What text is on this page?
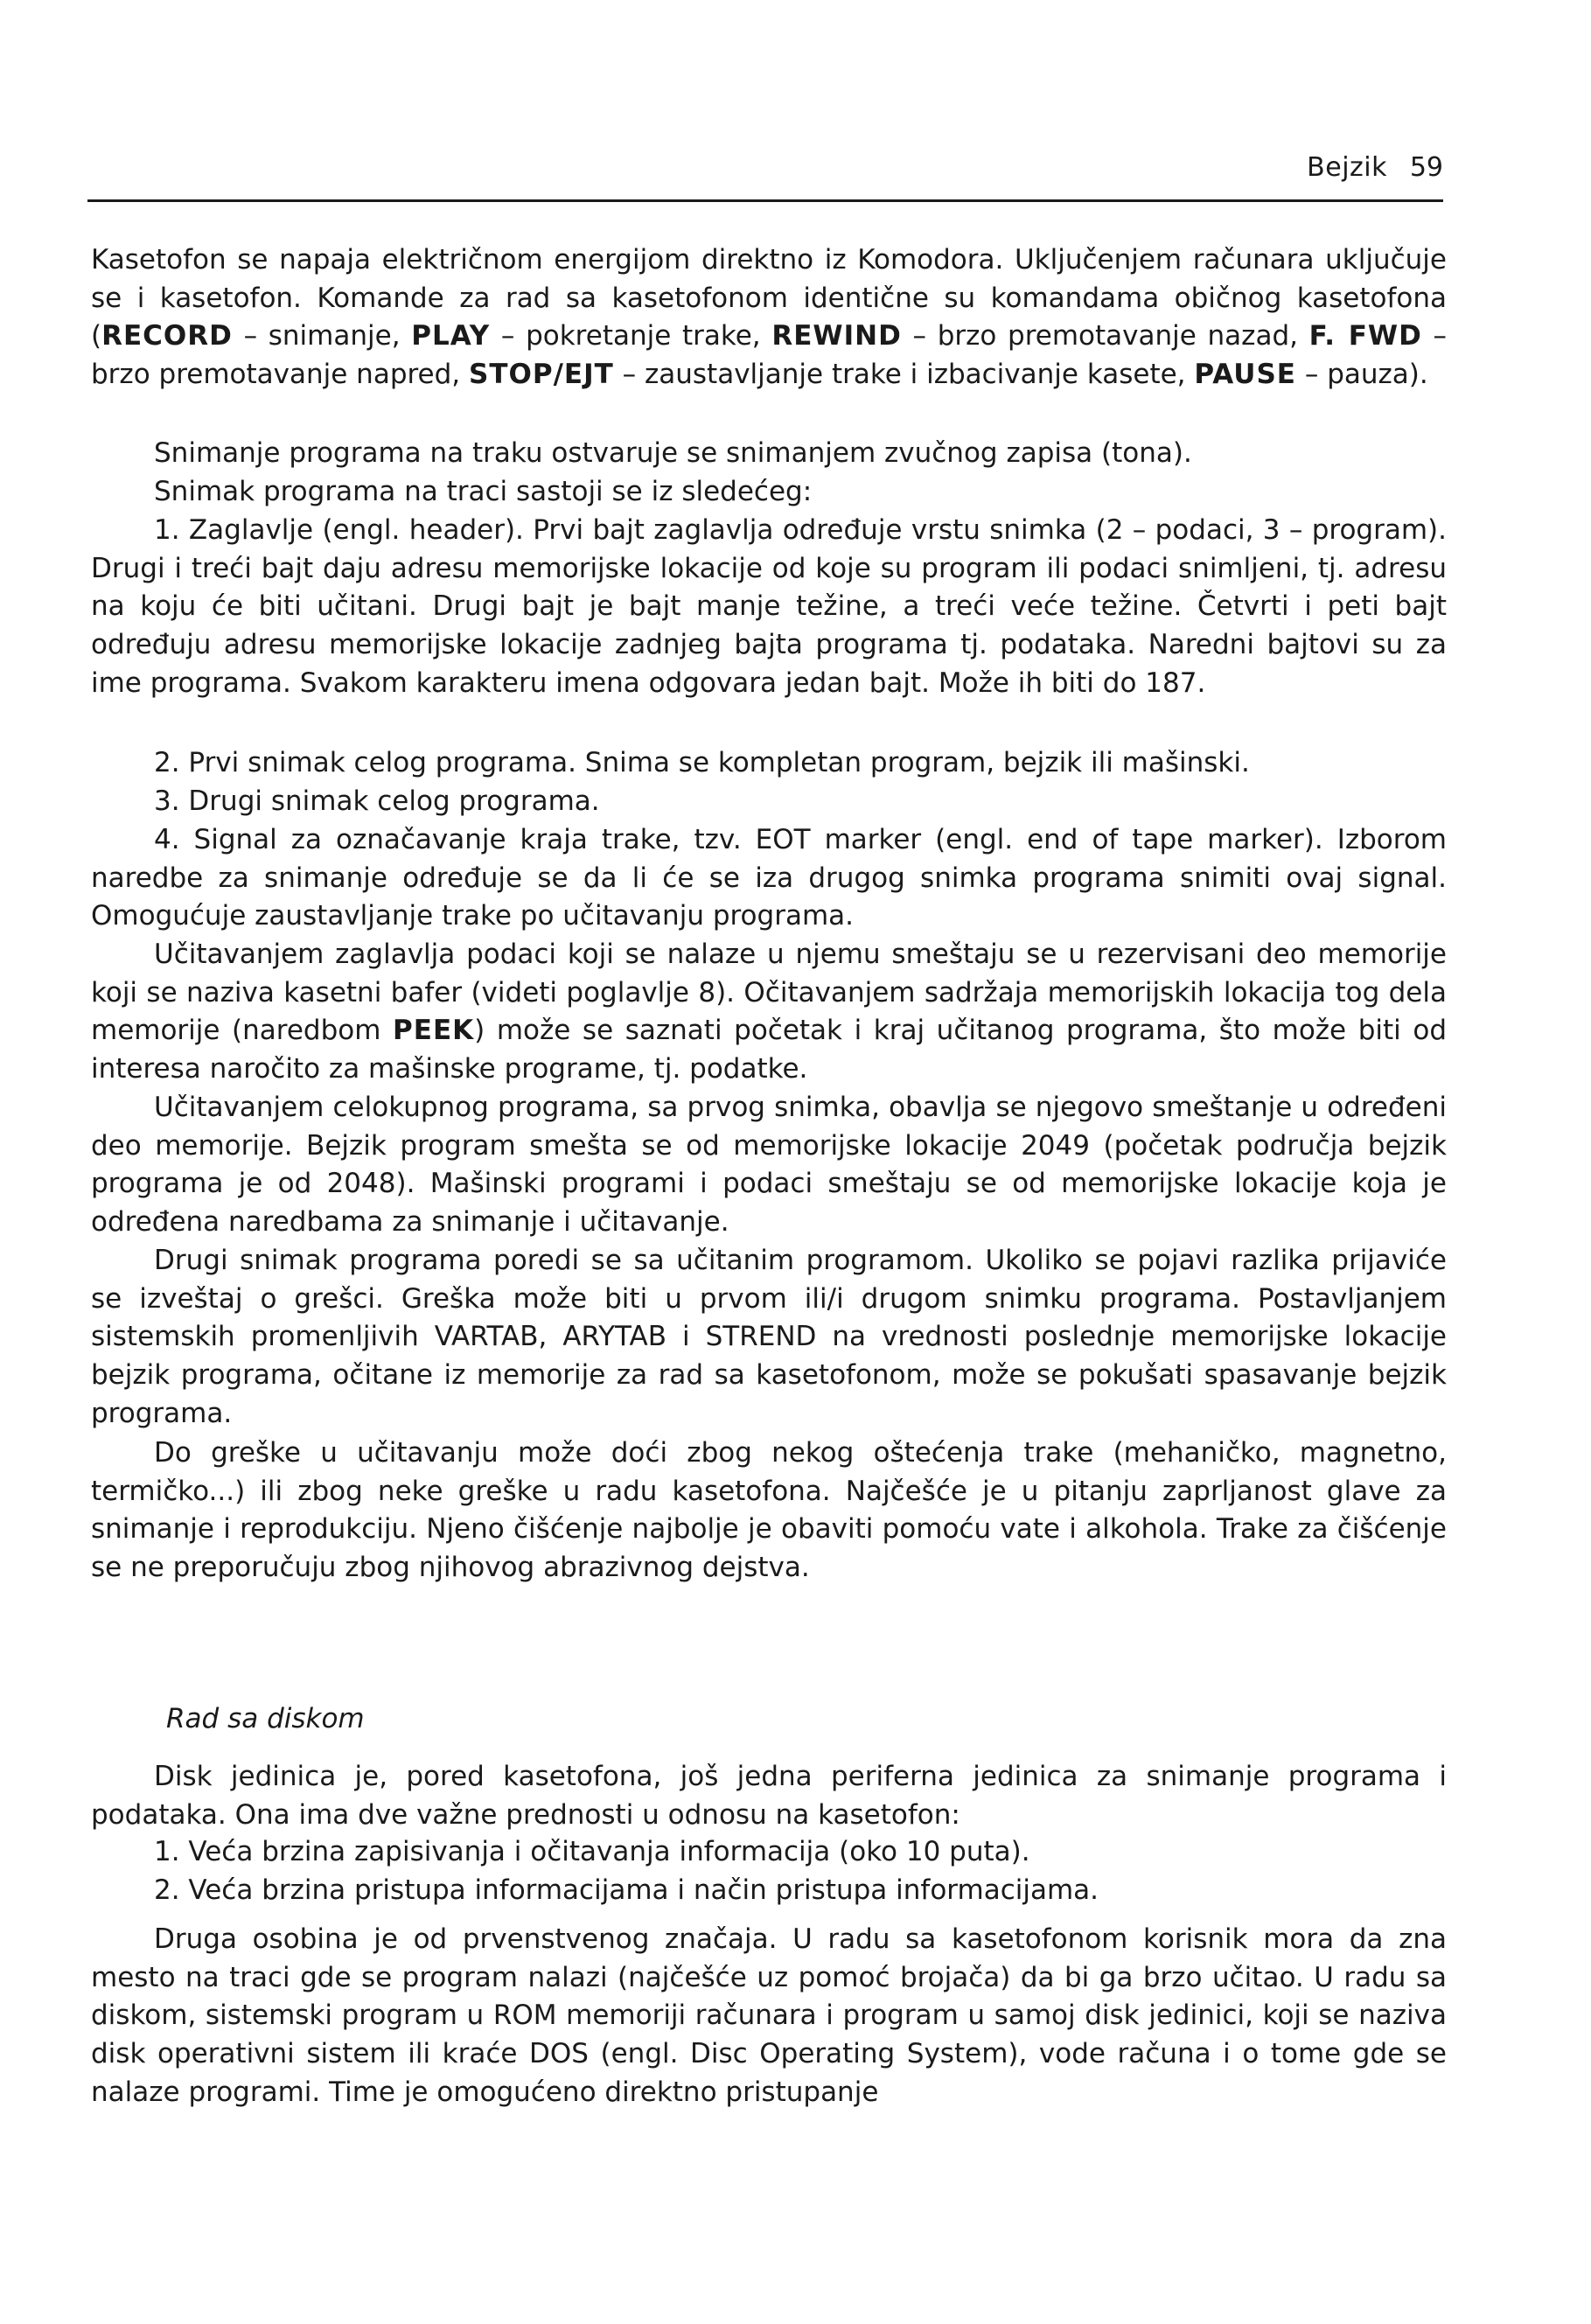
Bejzik 59

Kasetofon se napaja električnom energijom direktno iz Komodora. Uključenjem računara uključuje se i kasetofon. Komande za rad sa kasetofonom identične su komandama običnog kasetofona (RECORD – snimanje, PLAY – pokretanje trake, REWIND – brzo premotavanje nazad, F. FWD – brzo premotavanje napred, STOP/EJT – zaustavljanje trake i izbacivanje kasete, PAUSE – pauza).

Snimanje programa na traku ostvaruje se snimanjem zvučnog zapisa (tona).

Snimak programa na traci sastoji se iz sledećeg:

1. Zaglavlje (engl. header). Prvi bajt zaglavlja određuje vrstu snimka (2 – podaci, 3 – program). Drugi i treći bajt daju adresu memorijske lokacije od koje su program ili podaci snimljeni, tj. adresu na koju će biti učitani. Drugi bajt je bajt manje težine, a treći veće težine. Četvrti i peti bajt određuju adresu memorijske lokacije zadnjeg bajta programa tj. podataka. Naredni bajtovi su za ime programa. Svakom karakteru imena odgovara jedan bajt. Može ih biti do 187.

2. Prvi snimak celog programa. Snima se kompletan program, bejzik ili mašinski.

3. Drugi snimak celog programa.

4. Signal za označavanje kraja trake, tzv. EOT marker (engl. end of tape marker). Izborom naredbe za snimanje određuje se da li će se iza drugog snimka programa snimiti ovaj signal. Omogućuje zaustavljanje trake po učitavanju programa.

Učitavanjem zaglavlja podaci koji se nalaze u njemu smeštaju se u rezervisani deo memorije koji se naziva kasetni bafer (videti poglavlje 8). Očitavanjem sadržaja memorijskih lokacija tog dela memorije (naredbom PEEK) može se saznati početak i kraj učitanog programa, što može biti od interesa naročito za mašinske programe, tj. podatke.

Učitavanjem celokupnog programa, sa prvog snimka, obavlja se njegovo smeštanje u određeni deo memorije. Bejzik program smešta se od memorijske lokacije 2049 (početak područja bejzik programa je od 2048). Mašinski programi i podaci smeštaju se od memorijske lokacije koja je određena naredbama za snimanje i učitavanje.

Drugi snimak programa poredi se sa učitanim programom. Ukoliko se pojavi razlika prijaviće se izveštaj o grešci. Greška može biti u prvom ili/i drugom snimku programa. Postavljanjem sistemskih promenljivih VARTAB, ARYTAB i STREND na vrednosti poslednje memorijske lokacije bejzik programa, očitane iz memorije za rad sa kasetofonom, može se pokušati spasavanje bejzik programa.

Do greške u učitavanju može doći zbog nekog oštećenja trake (mehaničko, magnetno, termičko...) ili zbog neke greške u radu kasetofona. Najčešće je u pitanju zaprljanost glave za snimanje i reprodukciju. Njeno čišćenje najbolje je obaviti pomoću vate i alkohola. Trake za čišćenje se ne preporučuju zbog njihovog abrazivnog dejstva.

Rad sa diskom

Disk jedinica je, pored kasetofona, još jedna periferna jedinica za snimanje programa i podataka. Ona ima dve važne prednosti u odnosu na kasetofon:

1. Veća brzina zapisivanja i očitavanja informacija (oko 10 puta).

2. Veća brzina pristupa informacijama i način pristupa informacijama.

Druga osobina je od prvenstvenog značaja. U radu sa kasetofonom korisnik mora da zna mesto na traci gde se program nalazi (najčešće uz pomoć brojača) da bi ga brzo učitao. U radu sa diskom, sistemski program u ROM memoriji računara i program u samoj disk jedinici, koji se naziva disk operativni sistem ili kraće DOS (engl. Disc Operating System), vode računa i o tome gde se nalaze programi. Time je omogućeno direktno pristupanje
